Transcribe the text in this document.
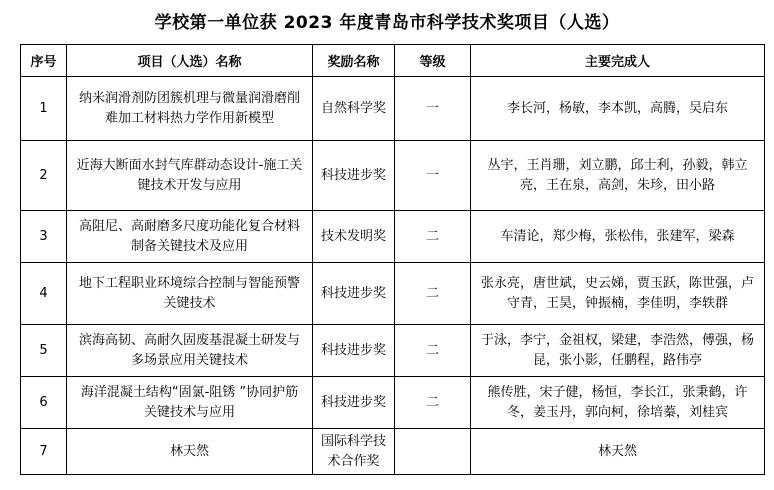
学校第一单位获 2023 年度青岛市科学技术奖项目（人选）
序号	项目（人选）名称	奖励名称	等级	主要完成人
1	纳米润滑剂防团簇机理与微量润滑磨削难加工材料热力学作用新模型	自然科学奖	一	李长河，杨敏，李本凯，高腾，吴启东
2	近海大断面水封气库群动态设计-施工关键技术开发与应用	科技进步奖	一	丛宇，王肖珊，刘立鹏，邱士利，孙毅，韩立亮，王在泉，高剑，朱珍，田小路
3	高阻尼、高耐磨多尺度功能化复合材料制备关键技术及应用	技术发明奖	二	车清论，郑少梅，张松伟，张建军，梁森
4	地下工程职业环境综合控制与智能预警关键技术	科技进步奖	二	张永亮，唐世斌，史云娣，贾玉跃，陈世强，卢守青，王昊，钟振楠，李佳明，李轶群
5	滨海高韧、高耐久固废基混凝土研发与多场景应用关键技术	科技进步奖	二	于泳，李宁，金祖权，梁建，李浩然，傅强，杨昆，张小影，任鹏程，路伟亭
6	海洋混凝土结构“固氯-阻锈 ”协同护筋关键技术与应用	科技进步奖	二	熊传胜，宋子健，杨恒，李长江，张秉鹤，许冬，姜玉丹，郭向柯，徐培蓁，刘桂宾
7	林天然	国际科学技术合作奖		林天然
